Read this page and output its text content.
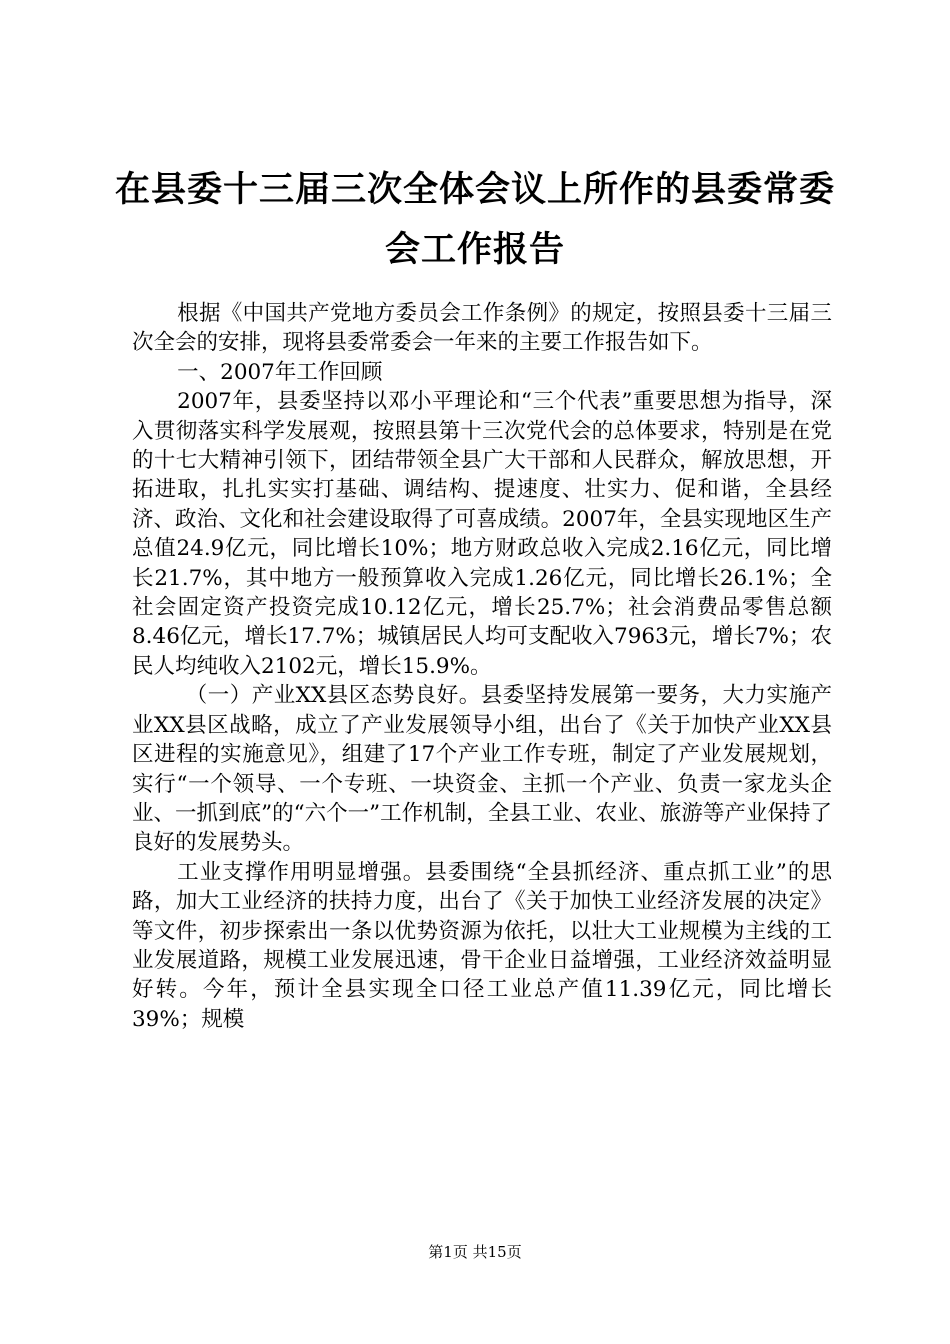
在县委十三届三次全体会议上所作的县委常委会工作报告

根据《中国共产党地方委员会工作条例》的规定，按照县委十三届三次全会的安排，现将县委常委会一年来的主要工作报告如下。

一、2007年工作回顾

2007年，县委坚持以邓小平理论和“三个代表”重要思想为指导，深入贯彻落实科学发展观，按照县第十三次党代会的总体要求，特别是在党的十七大精神引领下，团结带领全县广大干部和人民群众，解放思想，开拓进取，扎扎实实打基础、调结构、提速度、壮实力、促和谐，全县经济、政治、文化和社会建设取得了可喜成绩。2007年，全县实现地区生产总值24.9亿元，同比增长10%；地方财政总收入完成2.16亿元，同比增长21.7%，其中地方一般预算收入完成1.26亿元，同比增长26.1%；全社会固定资产投资完成10.12亿元，增长25.7%；社会消费品零售总额8.46亿元，增长17.7%；城镇居民人均可支配收入7963元，增长7%；农民人均纯收入2102元，增长15.9%。

（一）产业XX县区态势良好。县委坚持发展第一要务，大力实施产业XX县区战略，成立了产业发展领导小组，出台了《关于加快产业XX县区进程的实施意见》，组建了17个产业工作专班，制定了产业发展规划，实行“一个领导、一个专班、一块资金、主抓一个产业、负责一家龙头企业、一抓到底”的“六个一”工作机制，全县工业、农业、旅游等产业保持了良好的发展势头。

工业支撑作用明显增强。县委围绕“全县抓经济、重点抓工业”的思路，加大工业经济的扶持力度，出台了《关于加快工业经济发展的决定》等文件，初步探索出一条以优势资源为依托，以壮大工业规模为主线的工业发展道路，规模工业发展迅速，骨干企业日益增强，工业经济效益明显好转。今年，预计全县实现全口径工业总产值11.39亿元，同比增长39%；规模

第1页 共15页
